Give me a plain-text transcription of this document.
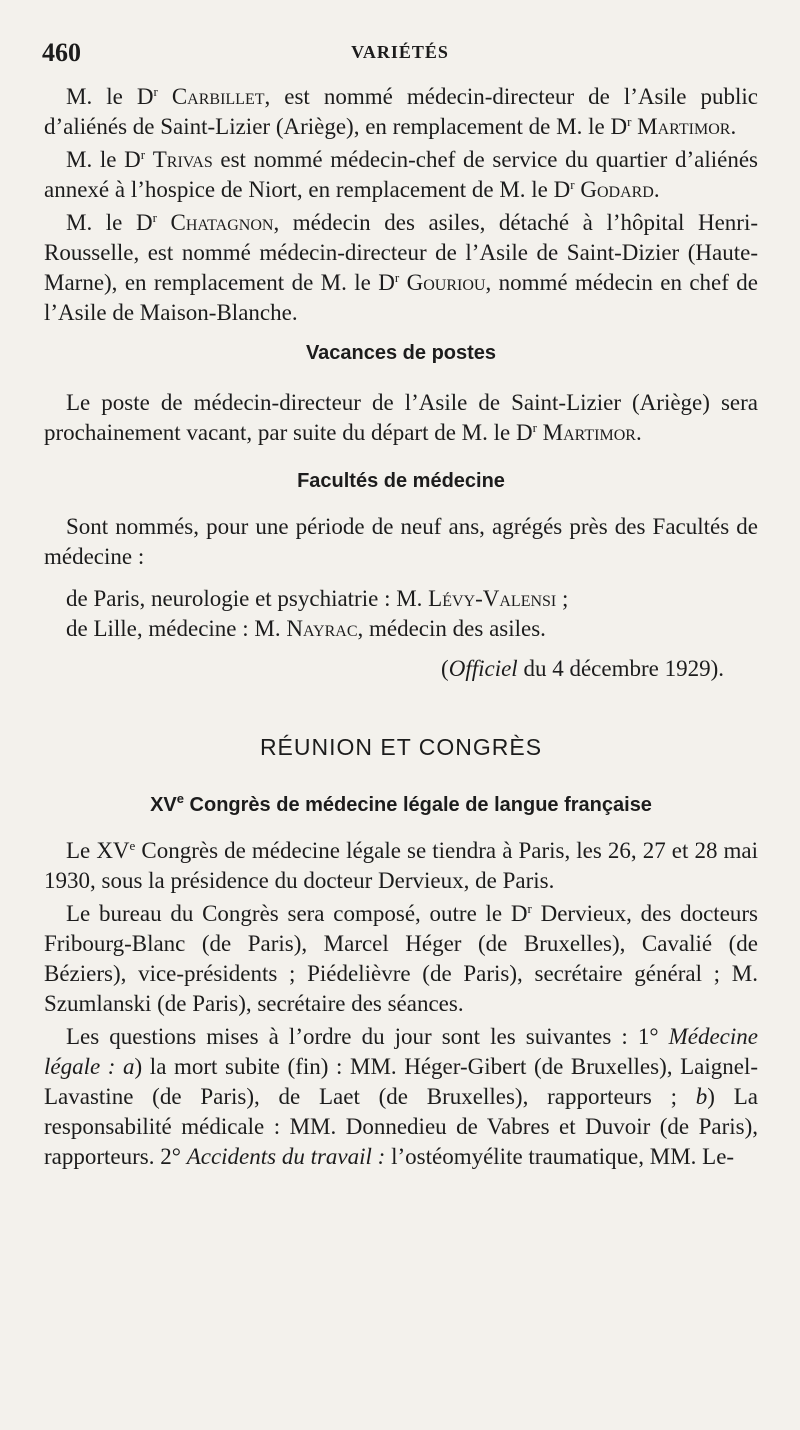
460	VARIÉTÉS

M. le $D^r$ Carbillet, est nommé médecin-directeur de l’Asile public d’aliénés de Saint-Lizier (Ariège), en remplacement de M. le $D^r$ Martimor.

M. le $D^r$ Trivas est nommé médecin-chef de service du quartier d’aliénés annexé à l’hospice de Niort, en remplacement de M. le $D^r$ Godard.

M. le $D^r$ Chatagnon, médecin des asiles, détaché à l’hôpital Henri-Rousselle, est nommé médecin-directeur de l’Asile de Saint-Dizier (Haute-Marne), en remplacement de M. le $D^r$ Gouriou, nommé médecin en chef de l’Asile de Maison-Blanche.

Vacances de postes

Le poste de médecin-directeur de l’Asile de Saint-Lizier (Ariège) sera prochainement vacant, par suite du départ de M. le $D^r$ Martimor.

Facultés de médecine

Sont nommés, pour une période de neuf ans, agrégés près des Facultés de médecine :

de Paris, neurologie et psychiatrie : M. Lévy-Valensi ;

de Lille, médecine : M. Nayrac, médecin des asiles.

(Officiel du 4 décembre 1929).

RÉUNION ET CONGRÈS
XVe Congrès de médecine légale de langue française

Le XVe Congrès de médecine légale se tiendra à Paris, les 26, 27 et 28 mai 1930, sous la présidence du docteur Dervieux, de Paris.

Le bureau du Congrès sera composé, outre le $D^r$ Dervieux, des docteurs Fribourg-Blanc (de Paris), Marcel Héger (de Bruxelles), Cavalié (de Béziers), vice-présidents ; Piédelièvre (de Paris), secrétaire général ; M. Szumlanski (de Paris), secrétaire des séances.

Les questions mises à l’ordre du jour sont les suivantes : 1° Médecine légale : a) la mort subite (fin) : MM. Héger-Gibert (de Bruxelles), Laignel-Lavastine (de Paris), de Laet (de Bruxelles), rapporteurs ; b) La responsabilité médicale : MM. Donnedieu de Vabres et Duvoir (de Paris), rapporteurs. 2° Accidents du travail : l’ostéomyélite traumatique, MM. Le-
